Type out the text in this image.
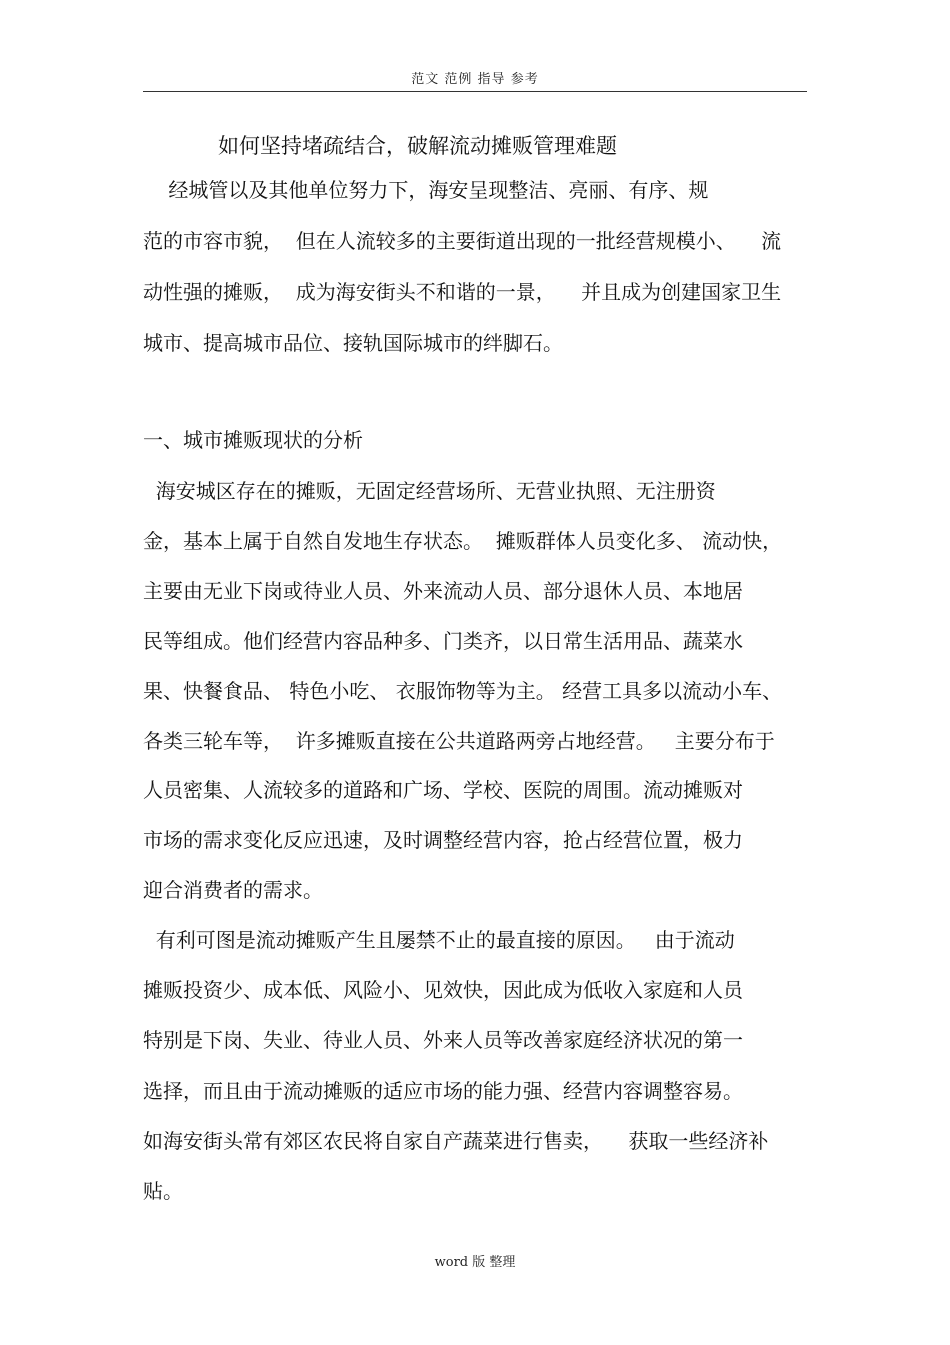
范文 范例 指导 参考
如何坚持堵疏结合，破解流动摊贩管理难题
经城管以及其他单位努力下，海安呈现整洁、亮丽、有序、规
范的市容市貌，  但在人流较多的主要街道出现的一批经营规模小、    流
动性强的摊贩，  成为海安街头不和谐的一景，    并且成为创建国家卫生
城市、提高城市品位、接轨国际城市的绊脚石。
一、城市摊贩现状的分析
海安城区存在的摊贩，无固定经营场所、无营业执照、无注册资
金，基本上属于自然自发地生存状态。  摊贩群体人员变化多、 流动快，
主要由无业下岗或待业人员、外来流动人员、部分退休人员、本地居
民等组成。他们经营内容品种多、门类齐，以日常生活用品、蔬菜水
果、快餐食品、 特色小吃、 衣服饰物等为主。 经营工具多以流动小车、
各类三轮车等，  许多摊贩直接在公共道路两旁占地经营。   主要分布于
人员密集、人流较多的道路和广场、学校、医院的周围。流动摊贩对
市场的需求变化反应迅速，及时调整经营内容，抢占经营位置，极力
迎合消费者的需求。
有利可图是流动摊贩产生且屡禁不止的最直接的原因。   由于流动
摊贩投资少、成本低、风险小、见效快，因此成为低收入家庭和人员
特别是下岗、失业、待业人员、外来人员等改善家庭经济状况的第一
选择，而且由于流动摊贩的适应市场的能力强、经营内容调整容易。
如海安街头常有郊区农民将自家自产蔬菜进行售卖，    获取一些经济补
贴。
word 版 整理
